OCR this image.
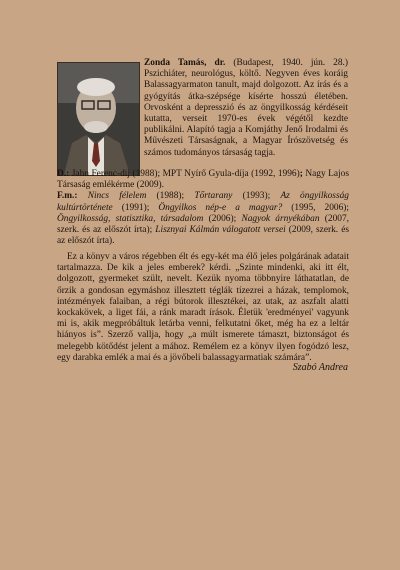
Zonda Tamás, dr. (Budapest, 1940. jún. 28.) Pszichiáter, neurológus, költő. Negyven éves koráig Balassagyarmaton tanult, majd dolgozott. Az írás és a gyógyítás átka-szépsége kísérte hosszú életében. Orvosként a depresszió és az öngyilkosság kérdéseit kutatta, verseit 1970-es évek végétől kezdte publikálni. Alapító tagja a Komjáthy Jenő Irodalmi és Művészeti Társaságnak, a Magyar Írószövetség és számos tudományos társaság tagja.

D.: Jahn Ferenc-díj (1988); MPT Nyírő Gyula-díja (1992, 1996); Nagy Lajos Társaság emlékérme (2009).

F.m.: Nincs félelem (1988); Tőrtarany (1993); Az öngyilkosság kultúrtörténete (1991); Öngyilkos nép-e a magyar? (1995, 2006); Öngyilkosság, statisztika, társadalom (2006); Nagyok árnyékában (2007, szerk. és az előszót írta); Lisznyai Kálmán válogatott versei (2009, szerk. és az előszót írta).

Ez a könyv a város régebben élt és egy-két ma élő jeles polgárának adatait tartalmazza. De kik a jeles emberek? kérdi. „Szinte mindenki, aki itt élt, dolgozott, gyermeket szült, nevelt. Kezük nyoma többnyire láthatatlan, de őrzik a gondosan egymáshoz illesztett téglák tízezrei a házak, templomok, intézmények falaiban, a régi bútorok illesztékei, az utak, az aszfalt alatti kockakövek, a liget fái, a ránk maradt írások. Életük 'eredményei' vagyunk mi is, akik megpróbáltuk letárba venni, felkutatni őket, még ha ez a leltár hiányos is”. Szerző vallja, hogy „a múlt ismerete támaszt, biztonságot és melegebb kötődést jelent a mához. Remélem ez a könyv ilyen fogódzó lesz, egy darabka emlék a mai és a jövőbeli balassagyarmatiak számára”.

Szabó Andrea
